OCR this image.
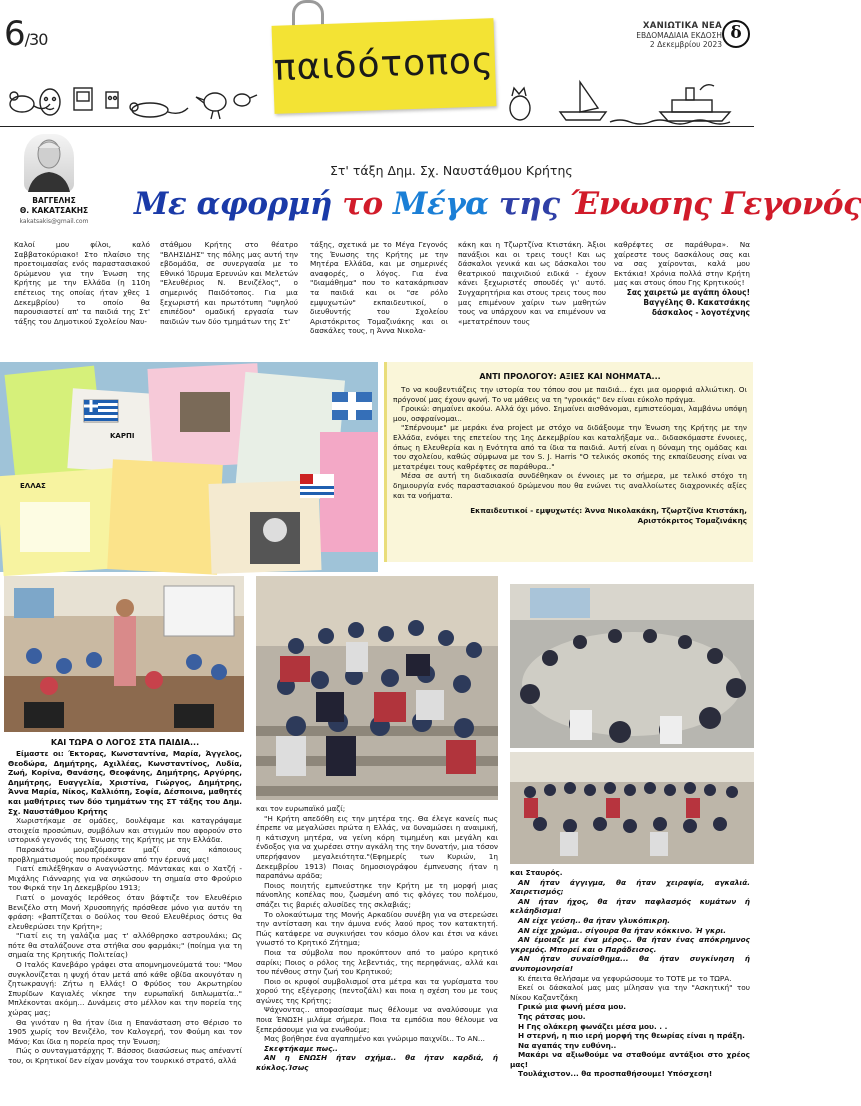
6/30
ΧΑΝΙΩΤΙΚΑ ΝΕΑ
ΕΒΔΟΜΑΔΙΑΙΑ ΕΚΔΟΣΗ
2 Δεκεμβρίου 2023
δ
παιδότοπος
ΒΑΓΓΕΛΗΣ
Θ. ΚΑΚΑΤΣΑΚΗΣ
kakatsakis@gmail.com
Στ' τάξη Δημ. Σχ. Ναυστάθμου Κρήτης
Με αφορμή το Μέγα της Ένωσης Γεγονός

Καλοί μου φίλοι, καλό Σαββατοκύριακο! Στο πλαίσιο της προετοιμασίας ενός παραστασιακού δρώμενου για την Ένωση της Κρήτης με την Ελλάδα (η 110η επέτειος της οποίας ήταν χθες 1 Δεκεμβρίου) το οποίο θα παρουσιαστεί απ' τα παιδιά της Στ' τάξης του Δημοτικού Σχολείου Ναυ-

στάθμου Κρήτης στο θέατρο "ΒΛΗΣΙΔΗΣ" της πόλης μας αυτή την εβδομάδα, σε συνεργασία με το Εθνικό Ίδρυμα Ερευνών και Μελετών "Ελευθέριος Ν. Βενιζέλος", ο σημερινός Παιδότοπος. Για μια ξεχωριστή και πρωτότυπη "υψηλού επιπέδου" ομαδική εργασία των παιδιών των δύο τμημάτων της Στ'

τάξης, σχετικά με το Μέγα Γεγονός της Ένωσης της Κρήτης με την Μητέρα Ελλάδα, και με σημερινές αναφορές, ο λόγος. Για ένα "διαμάθημα" που το κατακάρπισαν τα παιδιά και οι "σε ρόλο εμψυχωτών" εκπαιδευτικοί, ο διευθυντής του Σχολείου Αριστόκριτος Τομαζινάκης και οι δασκάλες τους, η Άννα Νικολα-

κάκη και η Τζωρτζίνα Κτιστάκη. Άξιοι πανάξιοι και οι τρεις τους! Και ως δάσκαλοι γενικά και ως δάσκαλοι του θεατρικού παιχνιδιού ειδικά - έχουν κάνει ξεχωριστές σπουδές γι' αυτό. Συγχαρητήρια και στους τρεις τους που μας επιμένουν χαίριν των μαθητών τους να υπάρχουν και να επιμένουν να «μετατρέπουν τους

καθρέφτες σε παράθυρα». Να χαίρεστε τους δασκάλους σας και να σας χαίρονται, καλά μου Εκτάκια! Χρόνια πολλά στην Κρήτη μας και στους όπου Γης Κρητικούς!

Σας χαιρετώ με αγάπη όλους!
Βαγγέλης Θ. Κακατσάκης
δάσκαλος - λογοτέχνης
ΚΑΡΠΙ
ΕΛΛΑΣ
ΑΝΤΙ ΠΡΟΛΟΓΟΥ: ΑΞΙΕΣ ΚΑΙ ΝΟΗΜΑΤΑ...

Το να κουβεντιάζεις την ιστορία του τόπου σου με παιδιά... έχει μια ομορφιά αλλιώτικη. Οι πρόγονοί μας έχουν φωνή. Το να μάθεις να τη "γροικάς" δεν είναι εύκολο πράγμα.

Γροικώ: σημαίνει ακούω. Αλλά όχι μόνο. Σημαίνει αισθάνομαι, εμπιστεύομαι, λαμβάνω υπόψη μου, οσφραίνομαι..

"Σπέρνουμε" με μεράκι ένα project με στόχο να διδάξουμε την Ένωση της Κρήτης με την Ελλάδα, ενόψει της επετείου της 1ης Δεκεμβρίου και καταλήξαμε να.. διδασκόμαστε έννοιες, όπως η Ελευθερία και η Ενότητα από τα ίδια τα παιδιά. Αυτή είναι η δύναμη της ομάδας και του σχολείου, καθώς σύμφωνα με τον S. J. Harris "Ο τελικός σκοπός της εκπαίδευσης είναι να μετατρέψει τους καθρέφτες σε παράθυρα.."

Μέσα σε αυτή τη διαδικασία συνδέθηκαν οι έννοιες με το σήμερα, με τελικό στόχο τη δημιουργία ενός παραστασιακού δρώμενου που θα ενώνει τις αναλλοίωτες διαχρονικές αξίες και τα νοήματα.

Εκπαιδευτικοί - εμψυχωτές: Άννα Νικολακάκη, Τζωρτζίνα Κτιστάκη,
Αριστόκριτος Τομαζινάκης
ΚΑΙ ΤΩΡΑ Ο ΛΟΓΟΣ ΣΤΑ ΠΑΙΔΙΑ...

Είμαστε οι: Έκτορας, Κωνσταντίνα, Μαρία, Άγγελος, Θεοδώρα, Δημήτρης, Αχιλλέας, Κωνσταντίνος, Λυδία, Ζωή, Κορίνα, Θανάσης, Θεοφάνης, Δημήτρης, Αργύρης, Δημήτρης, Ευαγγελία, Χριστίνα, Γιώργος, Δημήτρης, Άννα Μαρία, Νίκος, Καλλιόπη, Σοφία, Δέσποινα, μαθητές και μαθήτριες των δύο τμημάτων της ΣΤ τάξης του Δημ. Σχ. Ναυστάθμου Κρήτης

Χωριστήκαμε σε ομάδες, δουλέψαμε και καταγράψαμε στοιχεία προσώπων, συμβόλων και στιγμών που αφορούν στο ιστορικό γεγονός της Ένωσης της Κρήτης με την Ελλάδα.

Παρακάτω μοιραζόμαστε μαζί σας κάποιους προβληματισμούς που προέκυψαν από την έρευνά μας!

Γιατί επιλέξθηκαν ο Αναγνώστης. Μάντακας και ο Χατζή - Μιχάλης Γιάνναρης για να σηκώσουν τη σημαία στο Φρούριο του Φιρκά την 1η Δεκεμβρίου 1913;

Γιατί ο μοναχός Ιερόθεος όταν βάφτιζε τον Ελευθέριο Βενιζέλο στη Μονή Χρυσοπηγής πρόσθεσε μόνο για αυτόν τη φράση: «βαπτίζεται ο δούλος του Θεού Ελευθέριος όστις θα ελευθερώσει την Κρήτη»;

"Γιατί εις τη γαλάζια μας τ' αλλόθρησκο αστρουλάκι; Ως πότε θα σταλάζουνε στα στήθια σου φαρμάκι;" (ποίημα για τη σημαία της Κρητικής Πολιτείας)

Ο Ιταλός Κανεβάρο γράφει στα απομνημονεύματά του: "Μου συγκλονίζεται η ψυχή όταν μετά από κάθε οβίδα ακουγόταν η ζητωκραυγή: Ζήτω η Ελλάς! Ο Φρύδος του Ακρωτηρίου Σπυρίδων Καγιαλές νίκησε την ευρωπαϊκή διπλωματία.." Μπλέκονται ακόμη... Δυνάμεις στο μέλλον και την πορεία της χώρας μας;

Θα γινόταν η θα ήταν ίδια η Επανάσταση στο Θέρισο το 1905 χωρίς τον Βενιζέλο, τον Καλογερή, τον Φούμη και τον Μάνο; Και ίδια η πορεία προς την Ένωση;

Πώς ο συνταγματάρχης Τ. Βάσσος διασώσεως πως απέναντί του, οι Κρητικοί δεν είχαν μονάχα τον τουρκικό στρατό, αλλά

και τον ευρωπαϊκό μαζί;

"Η Κρήτη απεδόθη εις την μητέρα της. Θα έλεγε κανείς πως έπρεπε να μεγαλώσει πρώτα η Ελλάς, να δυναμώσει η αναιμική, η κάτισχνη μητέρα, να γείνη κόρη τιμημένη και μεγάλη και ένδοξος για να χωρέσει στην αγκάλη της την δυνατήν, μια τόσον υπερήφανον μεγαλειότητα."(Εφημερίς των Κυριών, 1η Δεκεμβρίου 1913) Ποιας δημοσιογράφου έμπνευσης ήταν η παραπάνω αράδα;

Ποιος ποιητής εμπνεύστηκε την Κρήτη με τη μορφή μιας πάνοπλης κοπέλας που, ζωσμένη από τις φλόγες του πολέμου, σπάζει τις βαριές αλυσίδες της σκλαβιάς;

Το ολοκαύτωμα της Μονής Αρκαδίου συνέβη για να στερεώσει την αντίσταση και την άμυνα ενός λαού προς τον κατακτητή. Πώς κατάφερε να συγκινήσει τον κόσμο όλον και έτσι να κάνει γνωστό το Κρητικό Ζήτημα;

Ποια τα σύμβολα που προκύπτουν από το μαύρο κρητικό σαρίκι; Ποιος ο ρόλος της λεβεντιάς, της περηφάνιας, αλλά και του πένθους στην ζωή του Κρητικού;

Ποιο οι κρυφοί συμβολισμοί στα μέτρα και τα γυρίσματα του χορού της εξέγερσης (πεντοζάλι) και ποια η σχέση του με τους αγώνες της Κρήτης;

Ψάχνοντας.. αποφασίσαμε πως θέλουμε να αναλύσουμε για ποια ΈΝΩΣΗ μιλάμε σήμερα. Ποια τα εμπόδια που θέλουμε να ξεπεράσουμε για να ενωθούμε;

Μας βοήθησε ένα αγαπημένο και γνώριμο παιχνίδι.. Το ΑΝ...

Σκεφτήκαμε πως..

ΑΝ η ΕΝΩΣΗ ήταν σχήμα.. θα ήταν καρδιά, ή κύκλος.Ίσως

και Σταυρός.

ΑΝ ήταν άγγιγμα, θα ήταν χειραψία, αγκαλιά. Χαιρετισμός;

ΑΝ ήταν ήχος, θα ήταν παφλασμός κυμάτων ή κελάηδισμα!

ΑΝ είχε γεύση.. θα ήταν γλυκόπικρη.

ΑΝ είχε χρώμα.. σίγουρα θα ήταν κόκκινο. Ή γκρι.

ΑΝ έμοιαζε με ένα μέρος.. θα ήταν ένας απόκρημνος γκρεμός. Μπορεί και ο Παράδεισος.

ΑΝ ήταν συναίσθημα... θα ήταν συγκίνηση ή ανυπομονησία!

Κι έπειτα θελήσαμε να γεφυρώσουμε το ΤΟΤΕ με το ΤΩΡΑ.

Εκεί οι δάσκαλοί μας μας μίλησαν για την "Ασκητική" του Νίκου Καζαντζάκη

Γρικώ μια φωνή μέσα μου.

Της ράτσας μου.

Η Γης ολάκερη φωνάζει μέσα μου. . .

Η στερνή, η πιο ιερή μορφή της θεωρίας είναι η πράξη.

Να αγαπάς την ευθύνη..

Μακάρι να αξιωθούμε να σταθούμε αντάξιοι στο χρέος μας!

Τουλάχιστον... θα προσπαθήσουμε! Υπόσχεση!
